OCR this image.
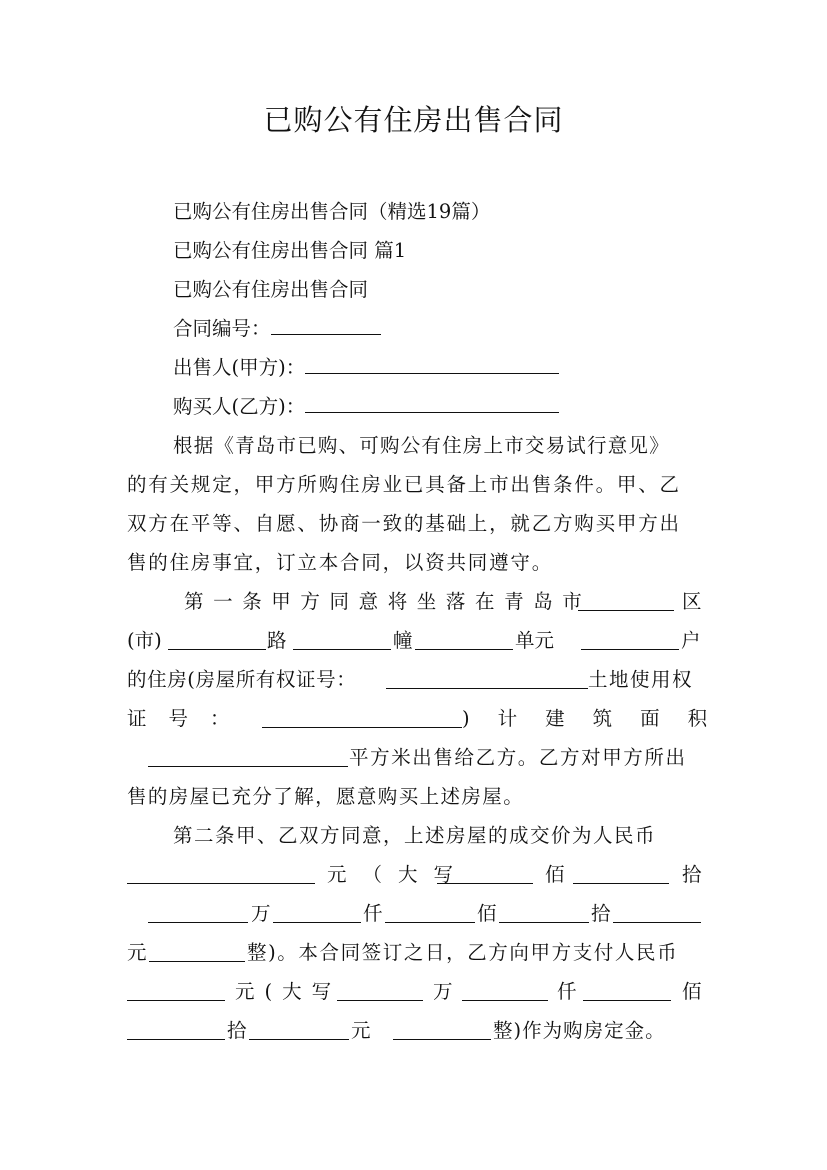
已购公有住房出售合同
已购公有住房出售合同（精选19篇）
已购公有住房出售合同 篇1
已购公有住房出售合同
合同编号：
出售人(甲方)：
购买人(乙方)：
根据《青岛市已购、可购公有住房上市交易试行意见》
的有关规定，甲方所购住房业已具备上市出售条件。甲、乙
双方在平等、自愿、协商一致的基础上，就乙方购买甲方出
售的住房事宜，订立本合同，以资共同遵守。
第一条甲方同意将坐落在青岛市	区
(市)	路	幢	单元	户
的住房(房屋所有权证号：	土地使用权
证号：	)计建筑面积
平方米出售给乙方。乙方对甲方所出
售的房屋已充分了解，愿意购买上述房屋。
第二条甲、乙双方同意，上述房屋的成交价为人民币
元（大写	佰	拾
万	仟	佰	拾
元	整)。本合同签订之日，乙方向甲方支付人民币
元(大写	万	仟	佰
拾	元	整)作为购房定金。
